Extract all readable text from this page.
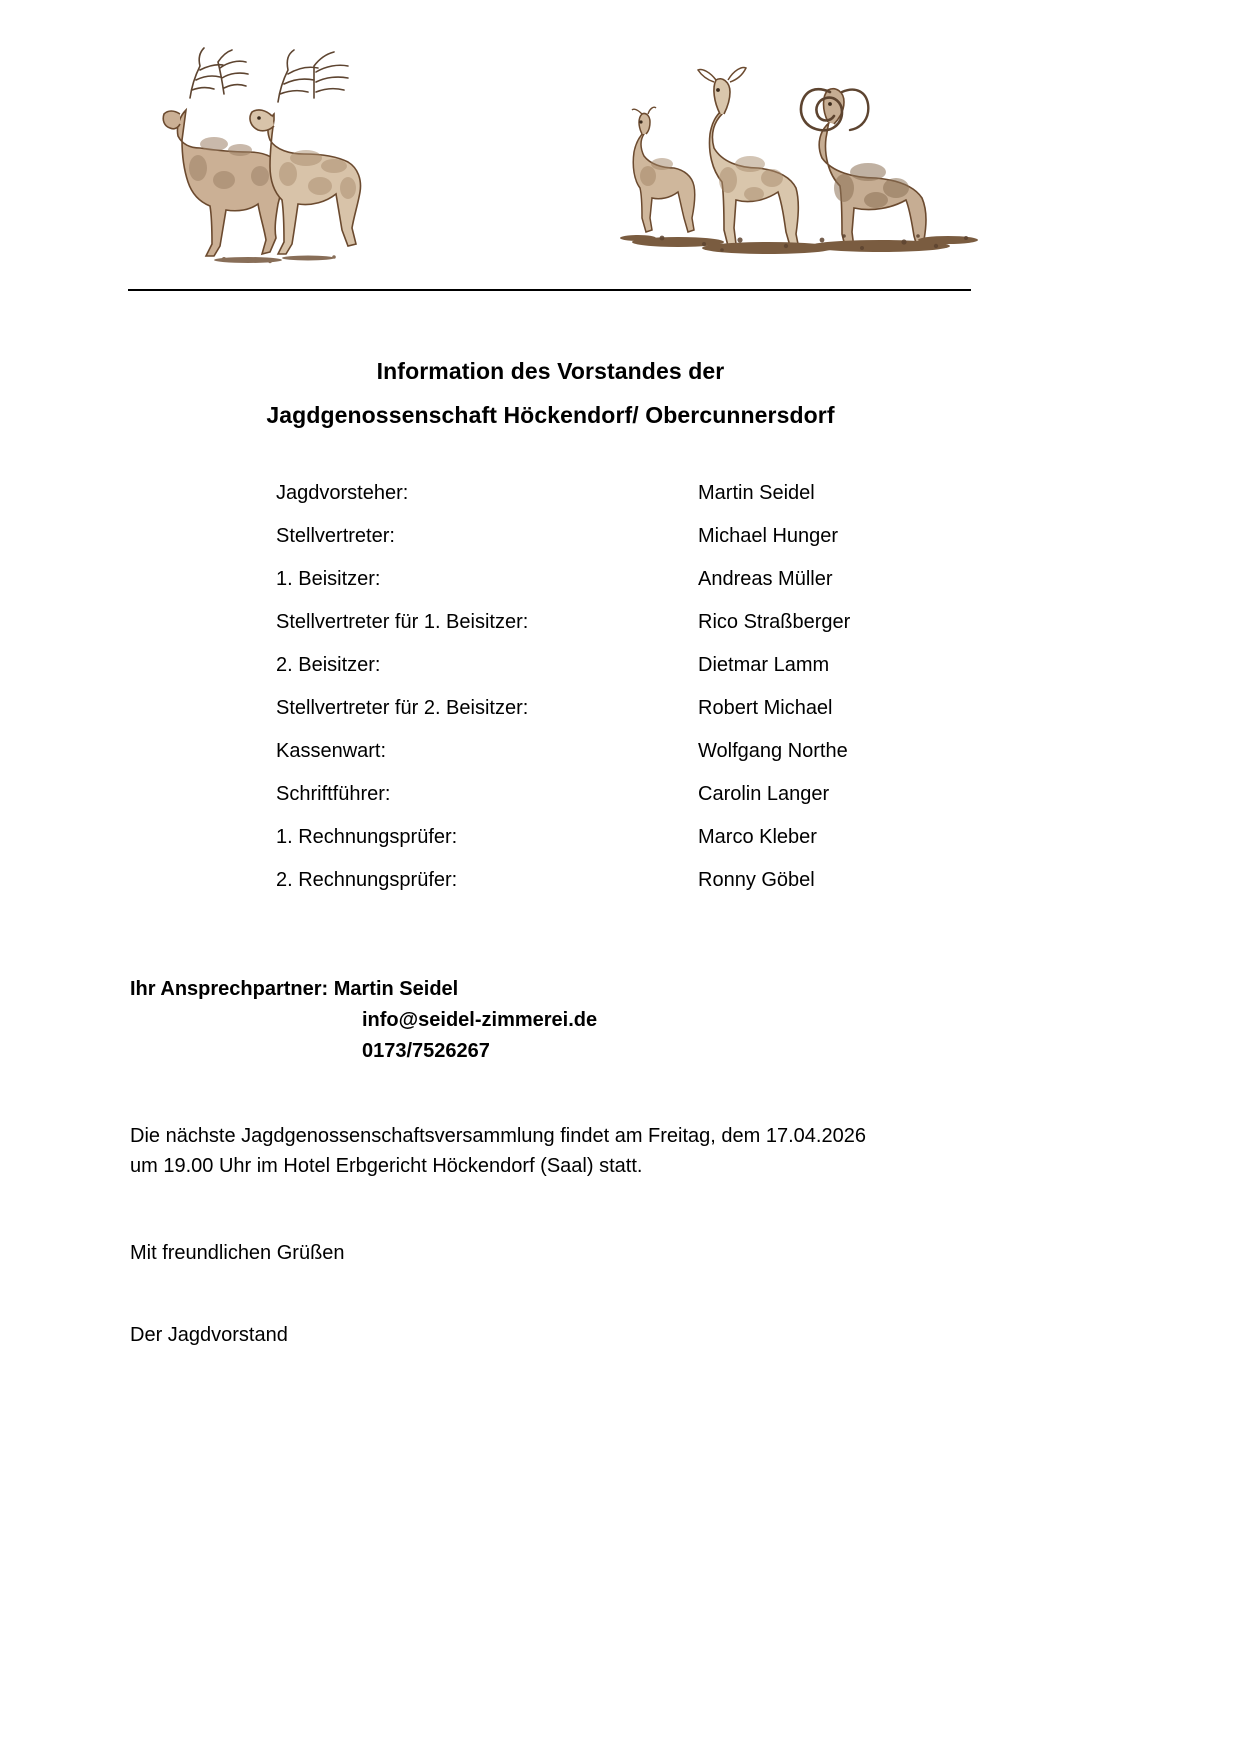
Information des Vorstandes der
Jagdgenossenschaft Höckendorf/ Obercunnersdorf
Jagdvorsteher:	Martin Seidel
Stellvertreter:	Michael Hunger
1. Beisitzer:	Andreas Müller
Stellvertreter für 1. Beisitzer:	Rico Straßberger
2. Beisitzer:	Dietmar Lamm
Stellvertreter für 2. Beisitzer:	Robert Michael
Kassenwart:	Wolfgang Northe
Schriftführer:	Carolin Langer
1. Rechnungsprüfer:	Marco Kleber
2. Rechnungsprüfer:	Ronny Göbel
Ihr Ansprechpartner: Martin Seidel
info@seidel-zimmerei.de
0173/7526267
Die nächste Jagdgenossenschaftsversammlung findet am Freitag, dem 17.04.2026
um 19.00 Uhr im Hotel Erbgericht Höckendorf (Saal) statt.
Mit freundlichen Grüßen
Der Jagdvorstand
